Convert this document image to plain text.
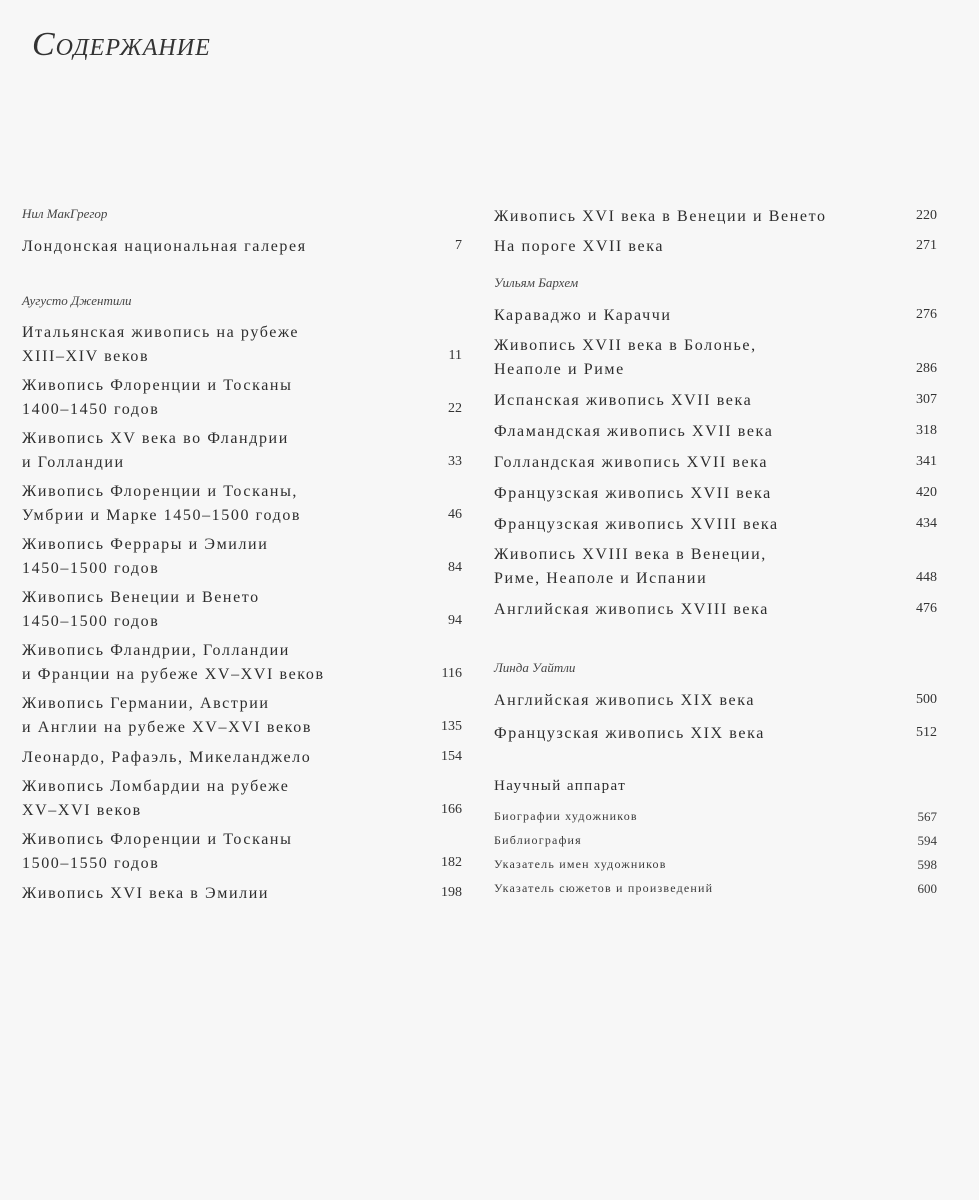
Содержание
Нил МакГрегор
Лондонская национальная галерея	7
Аугусто Джентили
Итальянская живопись на рубеже
XIII–XIV веков	11
Живопись Флоренции и Тосканы
1400–1450 годов	22
Живопись XV века во Фландрии
и Голландии	33
Живопись Флоренции и Тосканы,
Умбрии и Марке 1450–1500 годов	46
Живопись Феррары и Эмилии
1450–1500 годов	84
Живопись Венеции и Венето
1450–1500 годов	94
Живопись Фландрии, Голландии
и Франции на рубеже XV–XVI веков	116
Живопись Германии, Австрии
и Англии на рубеже XV–XVI веков	135
Леонардо, Рафаэль, Микеланджело	154
Живопись Ломбардии на рубеже
XV–XVI веков	166
Живопись Флоренции и Тосканы
1500–1550 годов	182
Живопись XVI века в Эмилии	198
Живопись XVI века в Венеции и Венето	220
На пороге XVII века	271
Уильям Бархем
Караваджо и Караччи	276
Живопись XVII века в Болонье,
Неаполе и Риме	286
Испанская живопись XVII века	307
Фламандская живопись XVII века	318
Голландская живопись XVII века	341
Французская живопись XVII века	420
Французская живопись XVIII века	434
Живопись XVIII века в Венеции,
Риме, Неаполе и Испании	448
Английская живопись XVIII века	476
Линда Уайтли
Английская живопись XIX века	500
Французская живопись XIX века	512
Научный аппарат
Биографии художников	567
Библиография	594
Указатель имен художников	598
Указатель сюжетов и произведений	600
